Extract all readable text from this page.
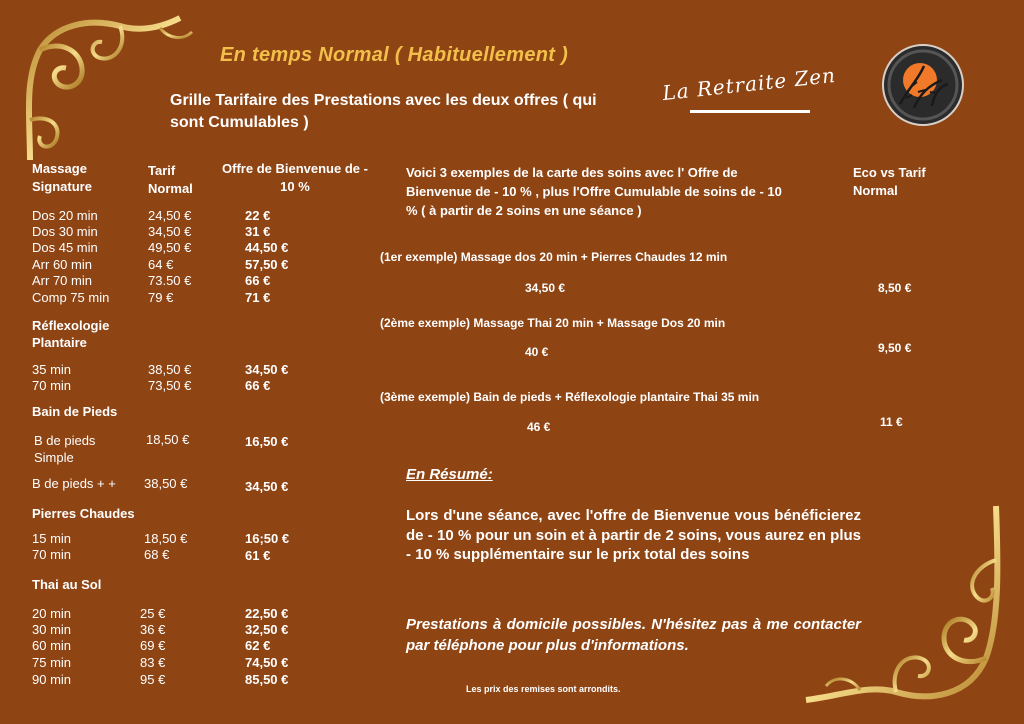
En temps Normal ( Habituellement )
Grille Tarifaire des Prestations avec les deux offres ( qui sont Cumulables )
La Retraite Zen
Massage Signature
Tarif Normal
Offre de Bienvenue de - 10 %
Dos 20 min	24,50 €	22 €
Dos 30 min	34,50 €	31 €
Dos 45 min	49,50 €	44,50 €
Arr 60 min	64 €	57,50 €
Arr 70 min	73.50 €	66 €
Comp 75 min	79 €	71 €
Réflexologie Plantaire
35 min	38,50 €	34,50 €
70 min	73,50 €	66 €
Bain de Pieds
B de pieds Simple
18,50 €	16,50 €
B de pieds + + 38,50 €	34,50 €
Pierres Chaudes
15 min	18,50 €	16;50 €
70 min	68 €	61 €
Thai au Sol
20 min	25 €	22,50 €
30 min	36 €	32,50 €
60 min	69 €	62 €
75 min	83 €	74,50 €
90 min	95 €	85,50 €
Voici 3 exemples de la carte des soins avec l' Offre de Bienvenue de - 10 % , plus l'Offre Cumulable de soins de - 10 % ( à partir de 2 soins en une séance )
Eco vs Tarif Normal
(1er exemple) Massage dos 20 min + Pierres Chaudes 12 min
34,50 €	8,50 €
(2ème exemple) Massage Thai 20 min + Massage Dos 20 min
40 €	9,50 €
(3ème exemple) Bain de pieds + Réflexologie plantaire Thai 35 min
46 €	11 €
En Résumé:
Lors d'une séance, avec l'offre de Bienvenue vous bénéficierez de - 10 % pour un soin et à partir de 2 soins, vous aurez en plus - 10 % supplémentaire sur le prix total des soins
Prestations à domicile possibles. N'hésitez pas à me contacter par téléphone pour plus d'informations.
Les prix des remises sont arrondits.
